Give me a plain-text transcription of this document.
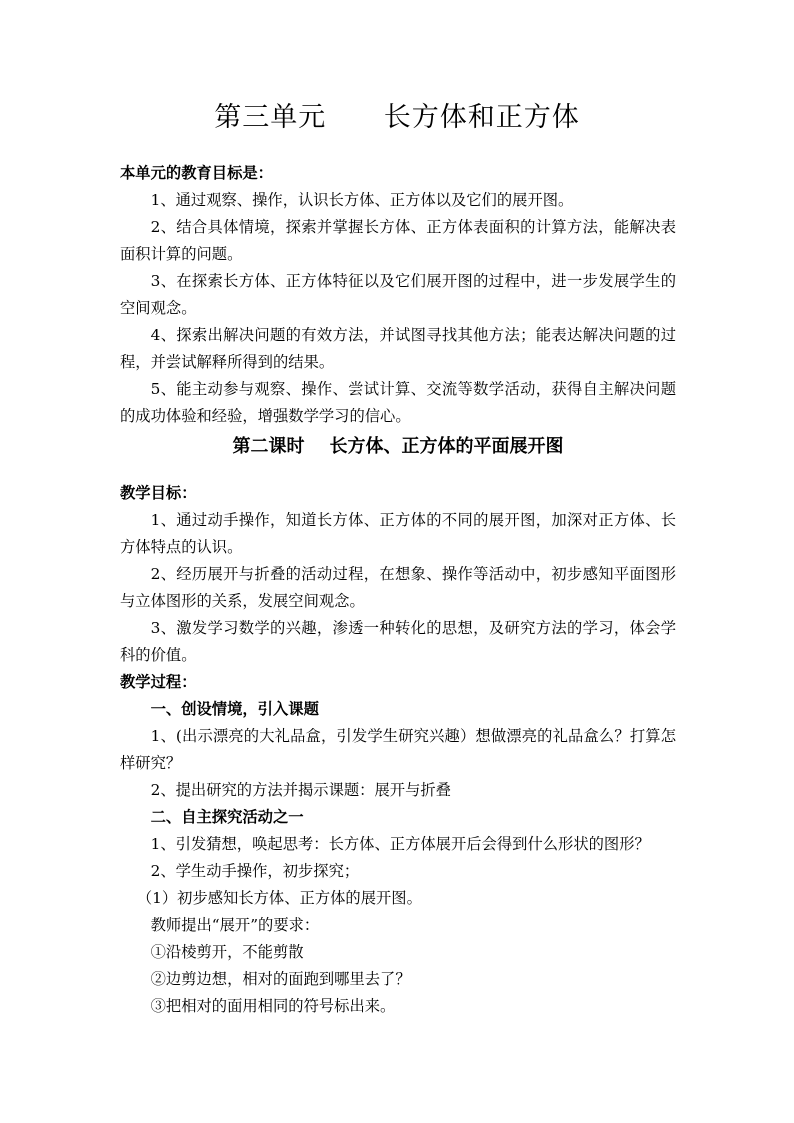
第三单元      长方体和正方体

本单元的教育目标是：

1、通过观察、操作，认识长方体、正方体以及它们的展开图。

2、结合具体情境，探索并掌握长方体、正方体表面积的计算方法，能解决表面积计算的问题。

3、在探索长方体、正方体特征以及它们展开图的过程中，进一步发展学生的空间观念。

4、探索出解决问题的有效方法，并试图寻找其他方法；能表达解决问题的过程，并尝试解释所得到的结果。

5、能主动参与观察、操作、尝试计算、交流等数学活动，获得自主解决问题的成功体验和经验，增强数学学习的信心。

第二课时    长方体、正方体的平面展开图

教学目标：

1、通过动手操作，知道长方体、正方体的不同的展开图，加深对正方体、长方体特点的认识。

2、经历展开与折叠的活动过程，在想象、操作等活动中，初步感知平面图形与立体图形的关系，发展空间观念。

3、激发学习数学的兴趣，渗透一种转化的思想，及研究方法的学习，体会学科的价值。

教学过程：

一、创设情境，引入课题

1、(出示漂亮的大礼品盒，引发学生研究兴趣）想做漂亮的礼品盒么？打算怎样研究？

2、提出研究的方法并揭示课题：展开与折叠

二、自主探究活动之一

1、引发猜想，唤起思考：长方体、正方体展开后会得到什么形状的图形？

2、学生动手操作，初步探究；

（1）初步感知长方体、正方体的展开图。

教师提出“展开”的要求：

①沿棱剪开，不能剪散

②边剪边想，相对的面跑到哪里去了？

③把相对的面用相同的符号标出来。
